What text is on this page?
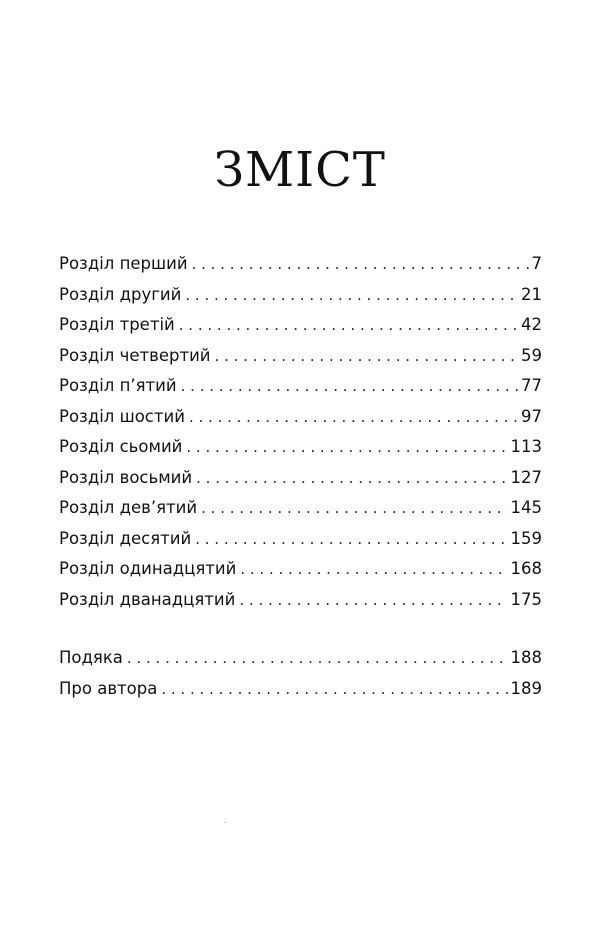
ЗМІСТ
Розділ перший . . .	7
Розділ другий . . .	21
Розділ третій . . .	42
Розділ четвертий . . .	59
Розділ п’ятий . . .	77
Розділ шостий . . .	97
Розділ сьомий . . .	113
Розділ восьмий . . .	127
Розділ дев’ятий . . .	145
Розділ десятий . . .	159
Розділ одинадцятий . . .	168
Розділ дванадцятий . . .	175
Подяка . . .	188
Про автора . . .	189
